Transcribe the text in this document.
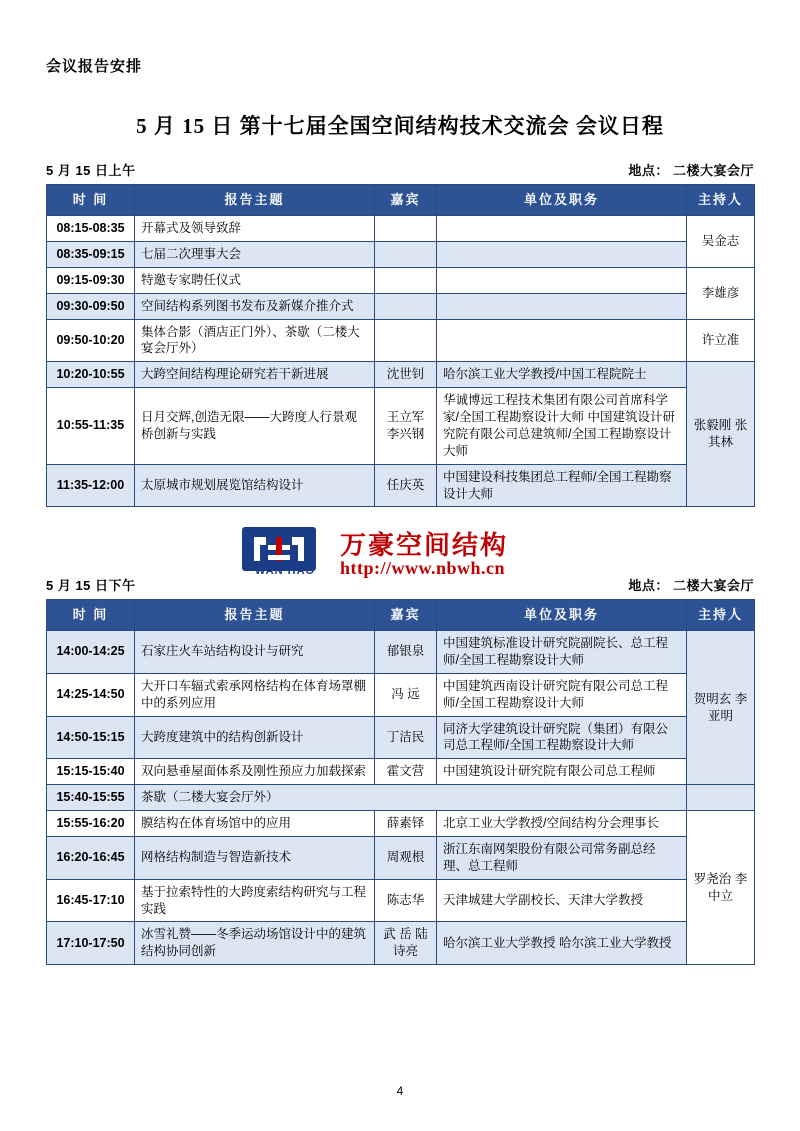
会议报告安排
5 月 15 日 第十七届全国空间结构技术交流会 会议日程
5 月 15 日上午	地点： 二楼大宴会厅
时 间	报告主题	嘉宾	单位及职务	主持人
08:15-08:35	开幕式及领导致辞			吴金志
08:35-09:15	七届二次理事大会			
09:15-09:30	特邀专家聘任仪式			李雄彦
09:30-09:50	空间结构系列图书发布及新媒介推介式			
09:50-10:20	集体合影（酒店正门外）、茶歇（二楼大宴会厅外）			许立准
10:20-10:55	大跨空间结构理论研究若干新进展	沈世钊	哈尔滨工业大学教授/中国工程院院士	张毅刚 张其林
10:55-11:35	日月交辉,创造无限——大跨度人行景观桥创新与实践	王立军 李兴钢	华诚博远工程技术集团有限公司首席科学家/全国工程勘察设计大师 中国建筑设计研究院有限公司总建筑师/全国工程勘察设计大师	
11:35-12:00	太原城市规划展览馆结构设计	任庆英	中国建设科技集团总工程师/全国工程勘察设计大师	
WAN HAO
万豪空间结构
http://www.nbwh.cn
5 月 15 日下午	地点： 二楼大宴会厅
时 间	报告主题	嘉宾	单位及职务	主持人
14:00-14:25	石家庄火车站结构设计与研究	郁银泉	中国建筑标准设计研究院副院长、总工程师/全国工程勘察设计大师	贺明玄 李亚明
14:25-14:50	大开口车辐式索承网格结构在体育场罩棚中的系列应用	冯 远	中国建筑西南设计研究院有限公司总工程师/全国工程勘察设计大师	
14:50-15:15	大跨度建筑中的结构创新设计	丁洁民	同济大学建筑设计研究院（集团）有限公司总工程师/全国工程勘察设计大师	
15:15-15:40	双向悬垂屋面体系及刚性预应力加载探索	霍文营	中国建筑设计研究院有限公司总工程师	
15:40-15:55	茶歇（二楼大宴会厅外）			
15:55-16:20	膜结构在体育场馆中的应用	薛素铎	北京工业大学教授/空间结构分会理事长	罗尧治 李中立
16:20-16:45	网格结构制造与智造新技术	周观根	浙江东南网架股份有限公司常务副总经理、总工程师	
16:45-17:10	基于拉索特性的大跨度索结构研究与工程实践	陈志华	天津城建大学副校长、天津大学教授	
17:10-17:50	冰雪礼赞——冬季运动场馆设计中的建筑结构协同创新	武 岳 陆诗亮	哈尔滨工业大学教授 哈尔滨工业大学教授	
4
